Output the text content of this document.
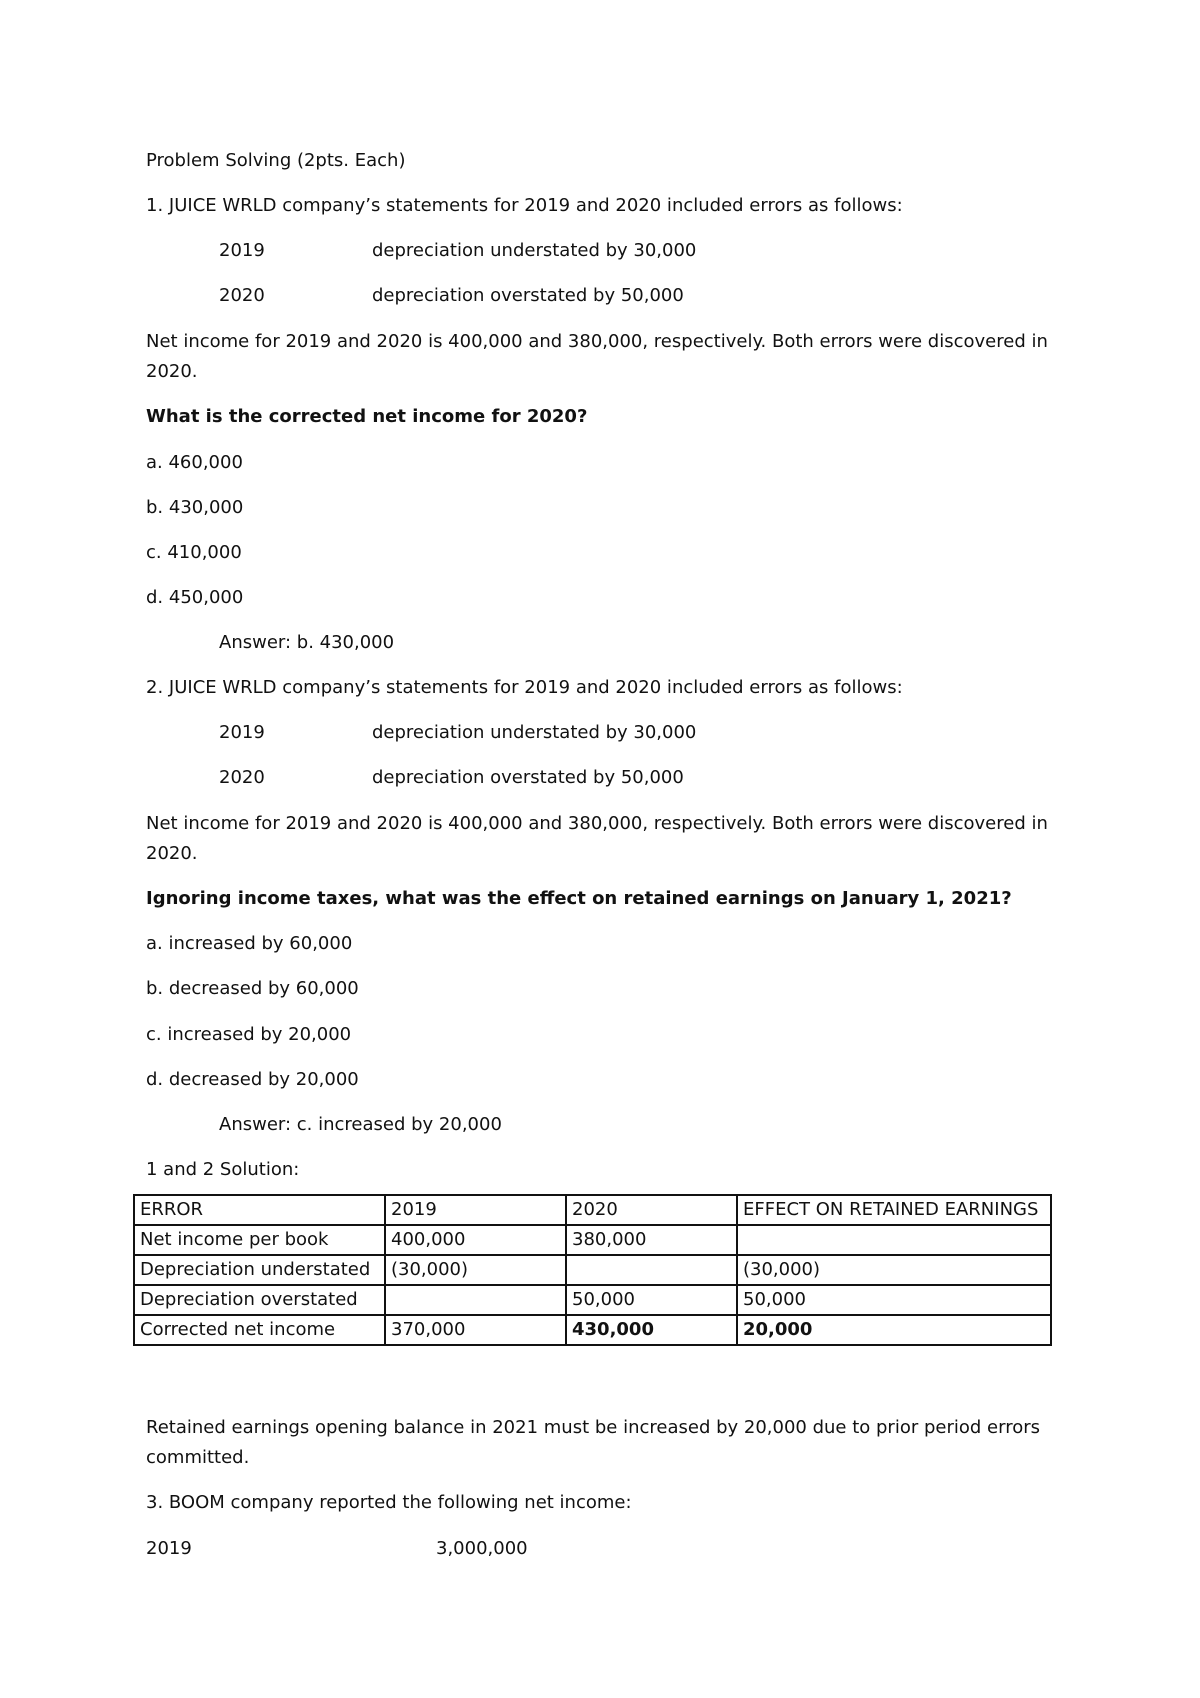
Problem Solving (2pts. Each)
1. JUICE WRLD company’s statements for 2019 and 2020 included errors as follows:
2019	depreciation understated by 30,000
2020	depreciation overstated by 50,000
Net income for 2019 and 2020 is 400,000 and 380,000, respectively. Both errors were discovered in
2020.
What is the corrected net income for 2020?
a. 460,000
b. 430,000
c. 410,000
d. 450,000
Answer: b. 430,000
2. JUICE WRLD company’s statements for 2019 and 2020 included errors as follows:
2019	depreciation understated by 30,000
2020	depreciation overstated by 50,000
Net income for 2019 and 2020 is 400,000 and 380,000, respectively. Both errors were discovered in
2020.
Ignoring income taxes, what was the effect on retained earnings on January 1, 2021?
a. increased by 60,000
b. decreased by 60,000
c. increased by 20,000
d. decreased by 20,000
Answer: c. increased by 20,000
1 and 2 Solution:
ERROR	2019	2020	EFFECT ON RETAINED EARNINGS
Net income per book	400,000	380,000	
Depreciation understated	(30,000)		(30,000)
Depreciation overstated		50,000	50,000
Corrected net income	370,000	430,000	20,000
Retained earnings opening balance in 2021 must be increased by 20,000 due to prior period errors
committed.
3. BOOM company reported the following net income:
2019	3,000,000
